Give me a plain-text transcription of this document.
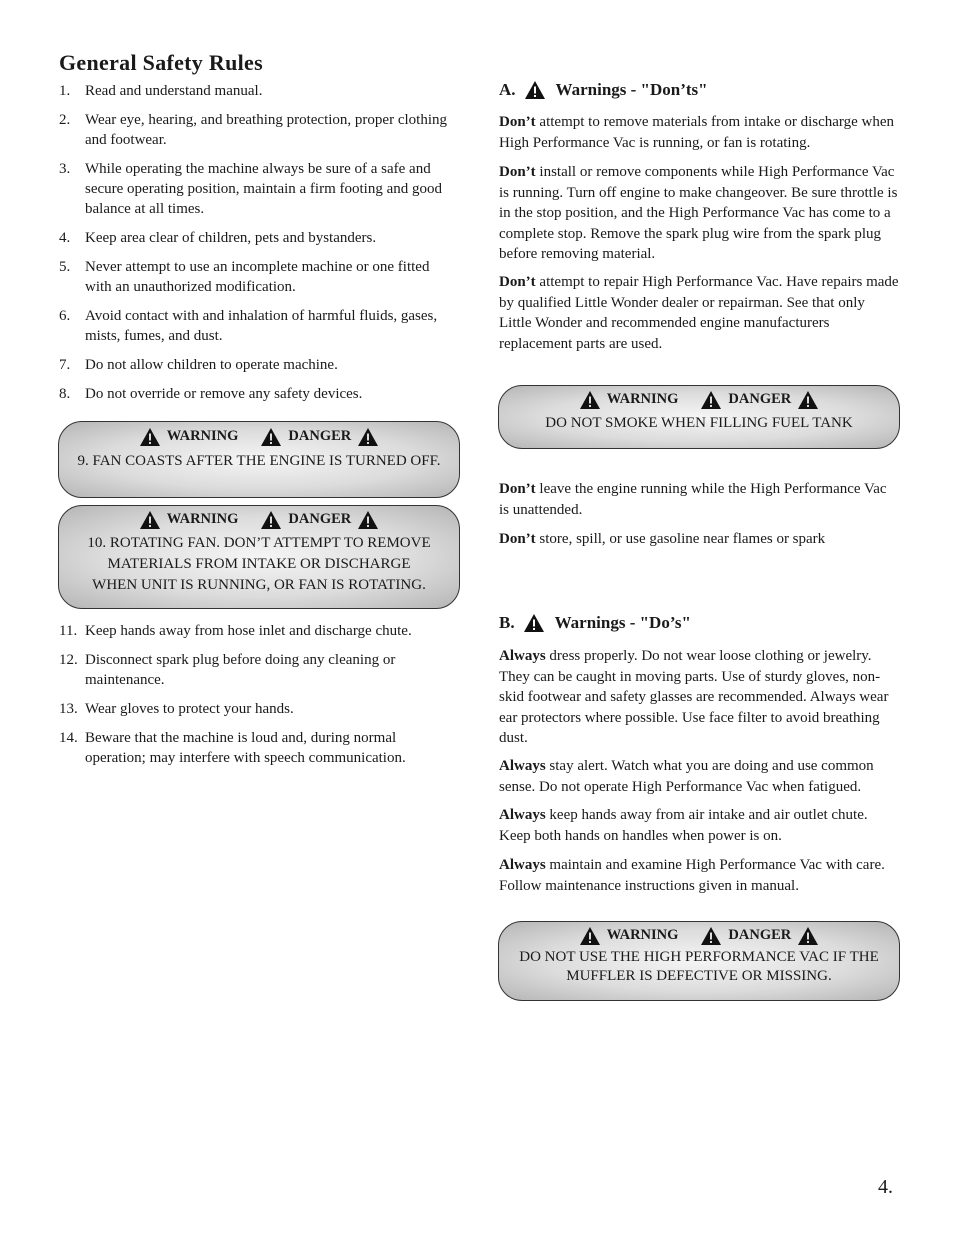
General Safety Rules
1. Read and understand manual.
2. Wear eye, hearing, and breathing protection, proper clothing and footwear.
3. While operating the machine always be sure of a safe and secure operating position, maintain a firm footing and good balance at all times.
4. Keep area clear of children, pets and bystanders.
5. Never attempt to use an incomplete machine or one fitted with an unauthorized modification.
6. Avoid contact with and inhalation of harmful fluids, gases, mists, fumes, and dust.
7. Do not allow children to operate machine.
8. Do not override or remove any safety devices.
WARNING	DANGER
9. FAN COASTS AFTER THE ENGINE IS TURNED OFF.
WARNING	DANGER
10. ROTATING FAN. DON’T ATTEMPT TO REMOVE
MATERIALS FROM INTAKE OR DISCHARGE
WHEN UNIT IS RUNNING, OR FAN IS ROTATING.
11. Keep hands away from hose inlet and discharge chute.
12. Disconnect spark plug before doing any cleaning or maintenance.
13. Wear gloves to protect your hands.
14. Beware that the machine is loud and, during normal operation; may interfere with speech communication.
A. Warnings - "Don’ts"

Don’t attempt to remove materials from intake or discharge when High Performance Vac is running, or fan is rotating.

Don’t install or remove components while High Performance Vac is running. Turn off engine to make changeover. Be sure throttle is in the stop position, and the High Performance Vac has come to a complete stop. Remove the spark plug wire from the spark plug before removing material.

Don’t attempt to repair High Performance Vac. Have repairs made by qualified Little Wonder dealer or repairman. See that only Little Wonder and recommended engine manufacturers replacement parts are used.

WARNING	DANGER
DO NOT SMOKE WHEN FILLING FUEL TANK

Don’t leave the engine running while the High Performance Vac is unattended.

Don’t store, spill, or use gasoline near flames or spark

B. Warnings - "Do’s"

Always dress properly. Do not wear loose clothing or jewelry. They can be caught in moving parts. Use of sturdy gloves, non-skid footwear and safety glasses are recommended. Always wear ear protectors where possible. Use face filter to avoid breathing dust.

Always stay alert. Watch what you are doing and use common sense. Do not operate High Performance Vac when fatigued.

Always keep hands away from air intake and air outlet chute. Keep both hands on handles when power is on.

Always maintain and examine High Performance Vac with care. Follow maintenance instructions given in manual.

WARNING	DANGER
DO NOT USE THE HIGH PERFORMANCE VAC IF THE
MUFFLER IS DEFECTIVE OR MISSING.
4.
